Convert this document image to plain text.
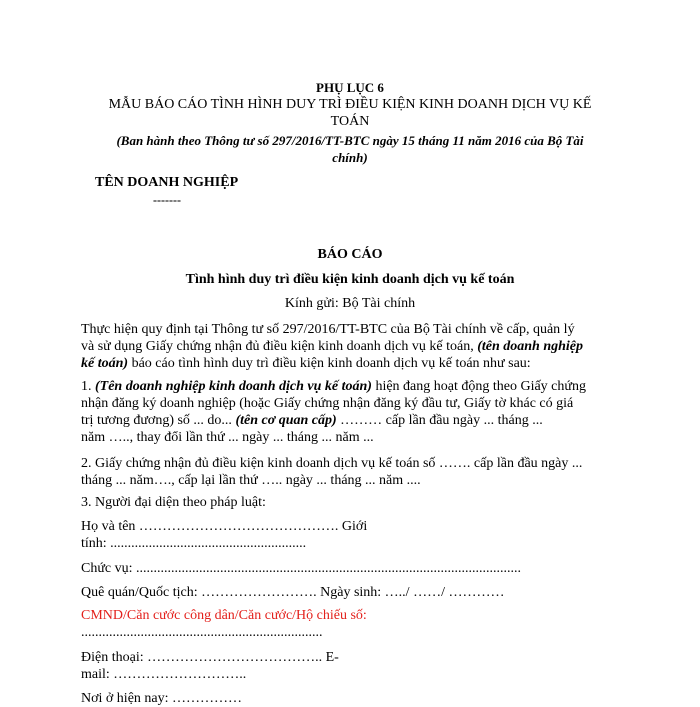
PHỤ LỤC 6
MẪU BÁO CÁO TÌNH HÌNH DUY TRÌ ĐIỀU KIỆN KINH DOANH DỊCH VỤ KẾ
TOÁN
(Ban hành theo Thông tư số 297/2016/TT-BTC ngày 15 tháng 11 năm 2016 của Bộ Tài
chính)
TÊN DOANH NGHIỆP
-------
BÁO CÁO
Tình hình duy trì điều kiện kinh doanh dịch vụ kế toán
Kính gửi: Bộ Tài chính
Thực hiện quy định tại Thông tư số 297/2016/TT-BTC của Bộ Tài chính về cấp, quản lý
và sử dụng Giấy chứng nhận đủ điều kiện kinh doanh dịch vụ kế toán, (tên doanh nghiệp
kế toán) báo cáo tình hình duy trì điều kiện kinh doanh dịch vụ kế toán như sau:
1. (Tên doanh nghiệp kinh doanh dịch vụ kế toán) hiện đang hoạt động theo Giấy chứng
nhận đăng ký doanh nghiệp (hoặc Giấy chứng nhận đăng ký đầu tư, Giấy tờ khác có giá
trị tương đương) số ... do... (tên cơ quan cấp) ……… cấp lần đầu ngày ... tháng ...
năm ….., thay đổi lần thứ ... ngày ... tháng ... năm ...
2. Giấy chứng nhận đủ điều kiện kinh doanh dịch vụ kế toán số ……. cấp lần đầu ngày ...
tháng ... năm…., cấp lại lần thứ ….. ngày ... tháng ... năm ....
3. Người đại diện theo pháp luật:
Họ và tên ……………………………………. Giới
tính: ........................................................
Chức vụ: ..............................................................................................................
Quê quán/Quốc tịch: ……………………. Ngày sinh: …../ ……/ …………
CMND/Căn cước công dân/Căn cước/Hộ chiếu số:
.....................................................................
Điện thoại: ……………………………….. E-
mail: ………………………..
Nơi ở hiện nay: ……………
